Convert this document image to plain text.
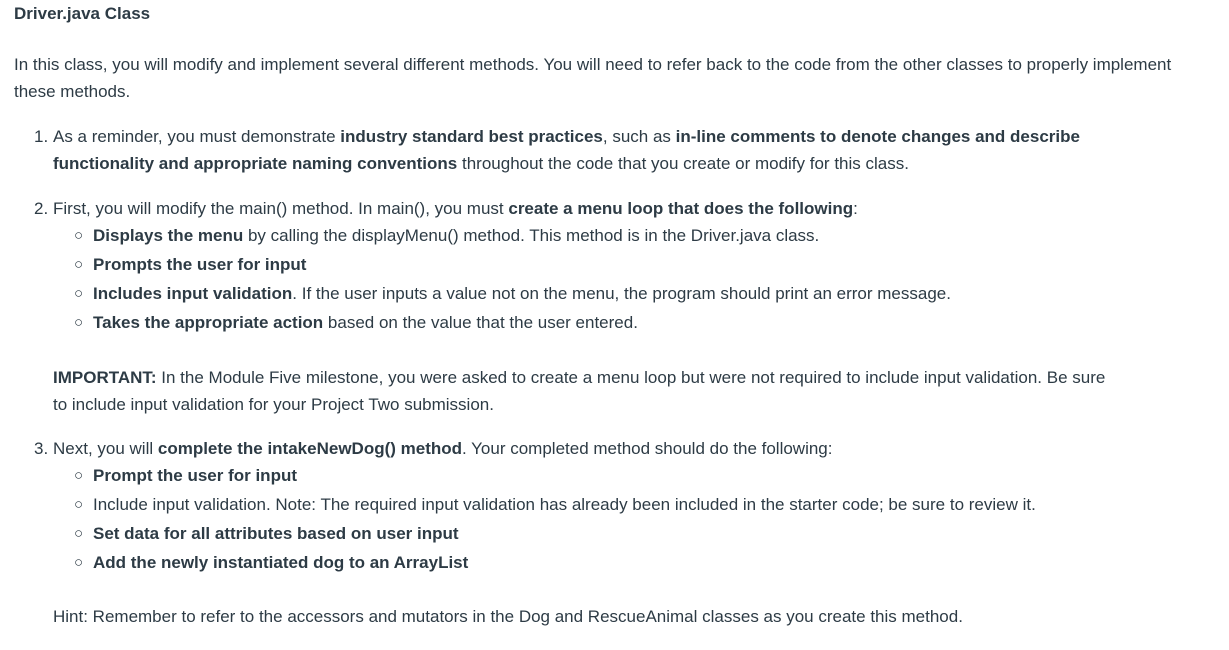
Driver.java Class

In this class, you will modify and implement several different methods. You will need to refer back to the code from the other classes to properly implement these methods.

1. As a reminder, you must demonstrate industry standard best practices, such as in-line comments to denote changes and describe

functionality and appropriate naming conventions throughout the code that you create or modify for this class.

2. First, you will modify the main() method. In main(), you must create a menu loop that does the following:

○ Displays the menu by calling the displayMenu() method. This method is in the Driver.java class.
○ Prompts the user for input
○ Includes input validation. If the user inputs a value not on the menu, the program should print an error message.
○ Takes the appropriate action based on the value that the user entered.
IMPORTANT: In the Module Five milestone, you were asked to create a menu loop but were not required to include input validation. Be sure
to include input validation for your Project Two submission.

3. Next, you will complete the intakeNewDog() method. Your completed method should do the following:

○ Prompt the user for input
○ Include input validation. Note: The required input validation has already been included in the starter code; be sure to review it.
○ Set data for all attributes based on user input
○ Add the newly instantiated dog to an ArrayList

Hint: Remember to refer to the accessors and mutators in the Dog and RescueAnimal classes as you create this method.
